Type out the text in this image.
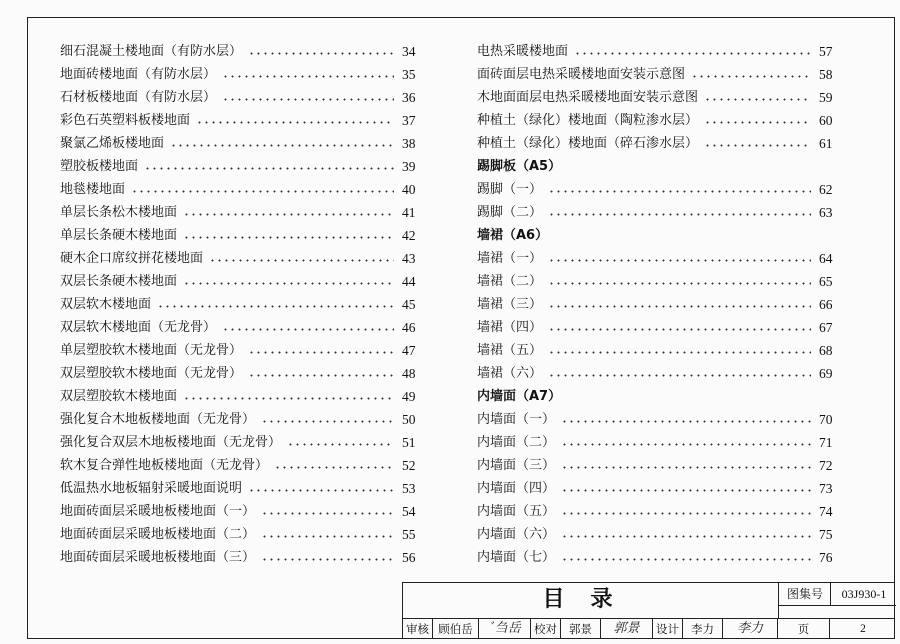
细石混凝土楼地面（有防水层）	34
地面砖楼地面（有防水层）	35
石材板楼地面（有防水层）	36
彩色石英塑料板楼地面	37
聚氯乙烯板楼地面	38
塑胶板楼地面	39
地毯楼地面	40
单层长条松木楼地面	41
单层长条硬木楼地面	42
硬木企口席纹拼花楼地面	43
双层长条硬木楼地面	44
双层软木楼地面	45
双层软木楼地面（无龙骨）	46
单层塑胶软木楼地面（无龙骨）	47
双层塑胶软木楼地面（无龙骨）	48
双层塑胶软木楼地面	49
强化复合木地板楼地面（无龙骨）	50
强化复合双层木地板楼地面（无龙骨）	51
软木复合弹性地板楼地面（无龙骨）	52
低温热水地板辐射采暖地面说明	53
地面砖面层采暖地板楼地面（一）	54
地面砖面层采暖地板楼地面（二）	55
地面砖面层采暖地板楼地面（三）	56
电热采暖楼地面	57
面砖面层电热采暖楼地面安装示意图	58
木地面面层电热采暖楼地面安装示意图	59
种植土（绿化）楼地面（陶粒渗水层）	60
种植土（绿化）楼地面（碎石渗水层）	61
踢脚板（A5）
踢脚（一）	62
踢脚（二）	63
墙裙（A6）
墙裙（一）	64
墙裙（二）	65
墙裙（三）	66
墙裙（四）	67
墙裙（五）	68
墙裙（六）	69
内墙面（A7）
内墙面（一）	70
内墙面（二）	71
内墙面（三）	72
内墙面（四）	73
内墙面（五）	74
内墙面（六）	75
内墙面（七）	76
目录	图集号	03J930-1
审核 顾伯岳	ﾞ刍岳	校对	郭景	郭景	设计	李力	李力	页	2
